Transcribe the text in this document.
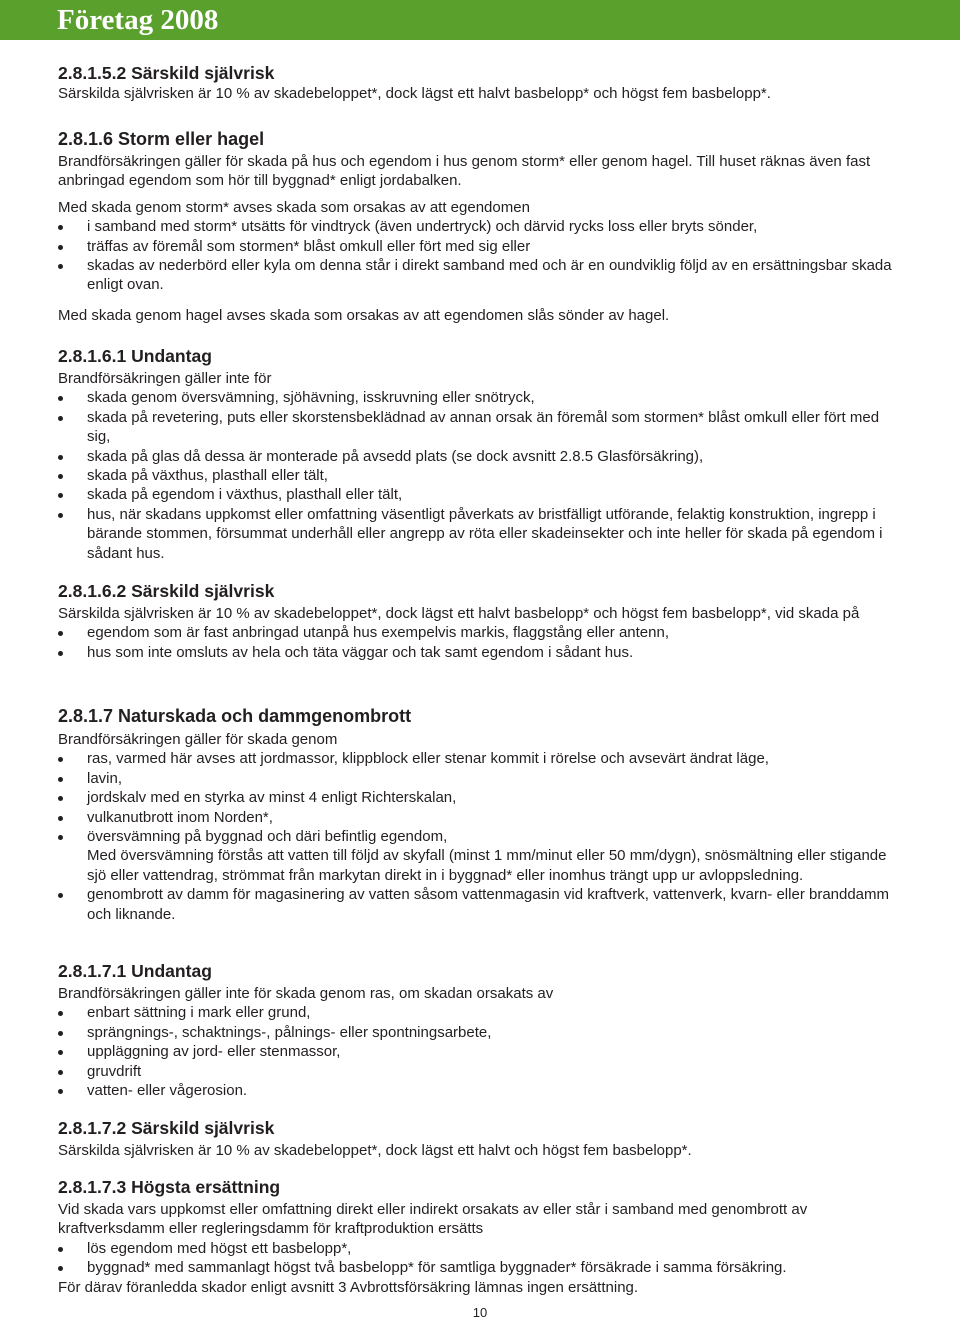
Företag 2008
2.8.1.5.2 Särskild självrisk

Särskilda självrisken är 10 % av skadebeloppet*, dock lägst ett halvt basbelopp* och högst fem basbelopp*.

2.8.1.6 Storm eller hagel

Brandförsäkringen gäller för skada på hus och egendom i hus genom storm* eller genom hagel. Till huset räknas även fast anbringad egendom som hör till byggnad* enligt jordabalken.

Med skada genom storm* avses skada som orsakas av att egendomen

i samband med storm* utsätts för vindtryck (även undertryck) och därvid rycks loss eller bryts sönder,
träffas av föremål som stormen* blåst omkull eller fört med sig eller
skadas av nederbörd eller kyla om denna står i direkt samband med och är en oundviklig följd av en ersättningsbar skada enligt ovan.

Med skada genom hagel avses skada som orsakas av att egendomen slås sönder av hagel.

2.8.1.6.1 Undantag

Brandförsäkringen gäller inte för

skada genom översvämning, sjöhävning, isskruvning eller snötryck,
skada på revetering, puts eller skorstensbeklädnad av annan orsak än föremål som stormen* blåst omkull eller fört med sig,
skada på glas då dessa är monterade på avsedd plats (se dock avsnitt 2.8.5 Glasförsäkring),
skada på växthus, plasthall eller tält,
skada på egendom i växthus, plasthall eller tält,
hus, när skadans uppkomst eller omfattning väsentligt påverkats av bristfälligt utförande, felaktig konstruktion, ingrepp i bärande stommen, försummat underhåll eller angrepp av röta eller skadeinsekter och inte heller för skada på egendom i sådant hus.
2.8.1.6.2 Särskild självrisk

Särskilda självrisken är 10 % av skadebeloppet*, dock lägst ett halvt basbelopp* och högst fem basbelopp*, vid skada på

egendom som är fast anbringad utanpå hus exempelvis markis, flaggstång eller antenn,
hus som inte omsluts av hela och täta väggar och tak samt egendom i sådant hus.
2.8.1.7 Naturskada och dammgenombrott

Brandförsäkringen gäller för skada genom

ras, varmed här avses att jordmassor, klippblock eller stenar kommit i rörelse och avsevärt ändrat läge,
lavin,
jordskalv med en styrka av minst 4 enligt Richterskalan,
vulkanutbrott inom Norden*,
översvämning på byggnad och däri befintlig egendom,
Med översvämning förstås att vatten till följd av skyfall (minst 1 mm/minut eller 50 mm/dygn), snösmältning eller stigande sjö eller vattendrag, strömmat från markytan direkt in i byggnad* eller inomhus trängt upp ur avloppsledning.
genombrott av damm för magasinering av vatten såsom vattenmagasin vid kraftverk, vattenverk, kvarn- eller branddamm och liknande.
2.8.1.7.1 Undantag

Brandförsäkringen gäller inte för skada genom ras, om skadan orsakats av

enbart sättning i mark eller grund,
sprängnings-, schaktnings-, pålnings- eller spontningsarbete,
uppläggning av jord- eller stenmassor,
gruvdrift
vatten- eller vågerosion.
2.8.1.7.2 Särskild självrisk

Särskilda självrisken är 10 % av skadebeloppet*, dock lägst ett halvt och högst fem basbelopp*.

2.8.1.7.3 Högsta ersättning

Vid skada vars uppkomst eller omfattning direkt eller indirekt orsakats av eller står i samband med genombrott av kraftverksdamm eller regleringsdamm för kraftproduktion ersätts

lös egendom med högst ett basbelopp*,
byggnad* med sammanlagt högst två basbelopp* för samtliga byggnader* försäkrade i samma försäkring.

För därav föranledda skador enligt avsnitt 3 Avbrottsförsäkring lämnas ingen ersättning.

10
